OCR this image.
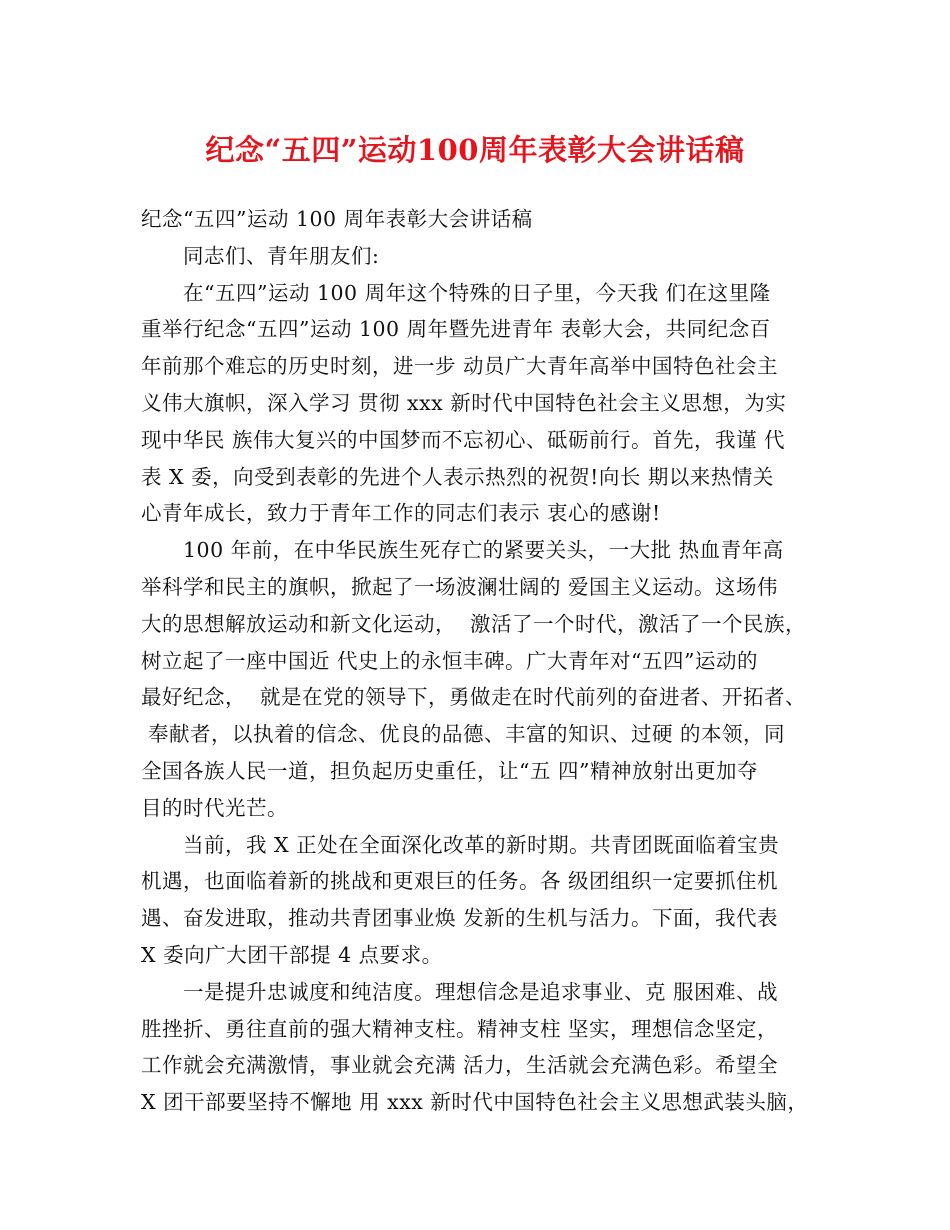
纪念“五四”运动100周年表彰大会讲话稿
纪念“五四”运动 100 周年表彰大会讲话稿
同志们、青年朋友们:
在“五四”运动 100 周年这个特殊的日子里，今天我 们在这里隆
重举行纪念“五四”运动 100 周年暨先进青年 表彰大会，共同纪念百
年前那个难忘的历史时刻，进一步 动员广大青年高举中国特色社会主
义伟大旗帜，深入学习 贯彻 xxx 新时代中国特色社会主义思想，为实
现中华民 族伟大复兴的中国梦而不忘初心、砥砺前行。首先，我谨 代
表 X 委，向受到表彰的先进个人表示热烈的祝贺!向长 期以来热情关
心青年成长，致力于青年工作的同志们表示 衷心的感谢!
100 年前，在中华民族生死存亡的紧要关头，一大批 热血青年高
举科学和民主的旗帜，掀起了一场波澜壮阔的 爱国主义运动。这场伟
大的思想解放运动和新文化运动，  激活了一个时代，激活了一个民族，
树立起了一座中国近 代史上的永恒丰碑。广大青年对“五四”运动的
最好纪念，  就是在党的领导下，勇做走在时代前列的奋进者、开拓者、
奉献者，以执着的信念、优良的品德、丰富的知识、过硬 的本领，同
全国各族人民一道，担负起历史重任，让“五 四”精神放射出更加夺
目的时代光芒。
当前，我 X 正处在全面深化改革的新时期。共青团既面临着宝贵
机遇，也面临着新的挑战和更艰巨的任务。各 级团组织一定要抓住机
遇、奋发进取，推动共青团事业焕 发新的生机与活力。下面，我代表
X 委向广大团干部提 4 点要求。
一是提升忠诚度和纯洁度。理想信念是追求事业、克 服困难、战
胜挫折、勇往直前的强大精神支柱。精神支柱 坚实，理想信念坚定，
工作就会充满激情，事业就会充满 活力，生活就会充满色彩。希望全
X 团干部要坚持不懈地 用 xxx 新时代中国特色社会主义思想武装头脑，
